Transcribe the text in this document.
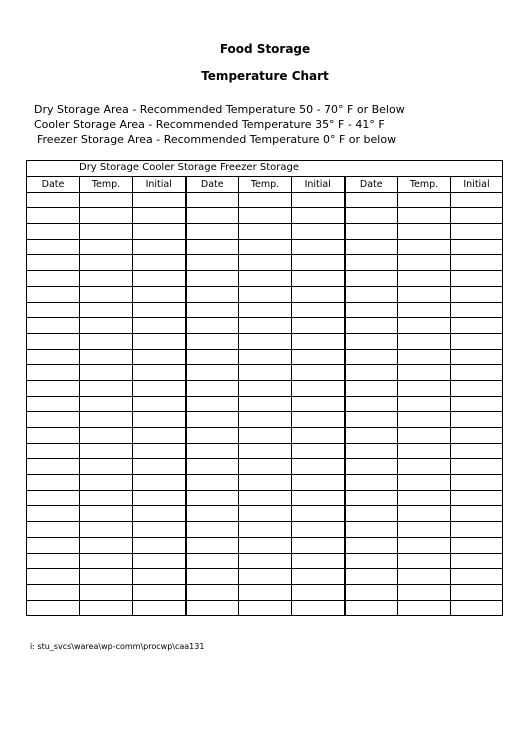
Food Storage
Temperature Chart
Dry Storage Area - Recommended Temperature 50 - 70° F or Below
Cooler Storage Area - Recommended Temperature 35° F - 41° F
Freezer Storage Area - Recommended Temperature 0° F or below
Dry Storage Cooler Storage Freezer Storage								

Date	Temp.	Initial	Date	Temp.	Initial	Date	Temp.	Initial

i: stu_svcs\warea\wp-comm\procwp\caa131
